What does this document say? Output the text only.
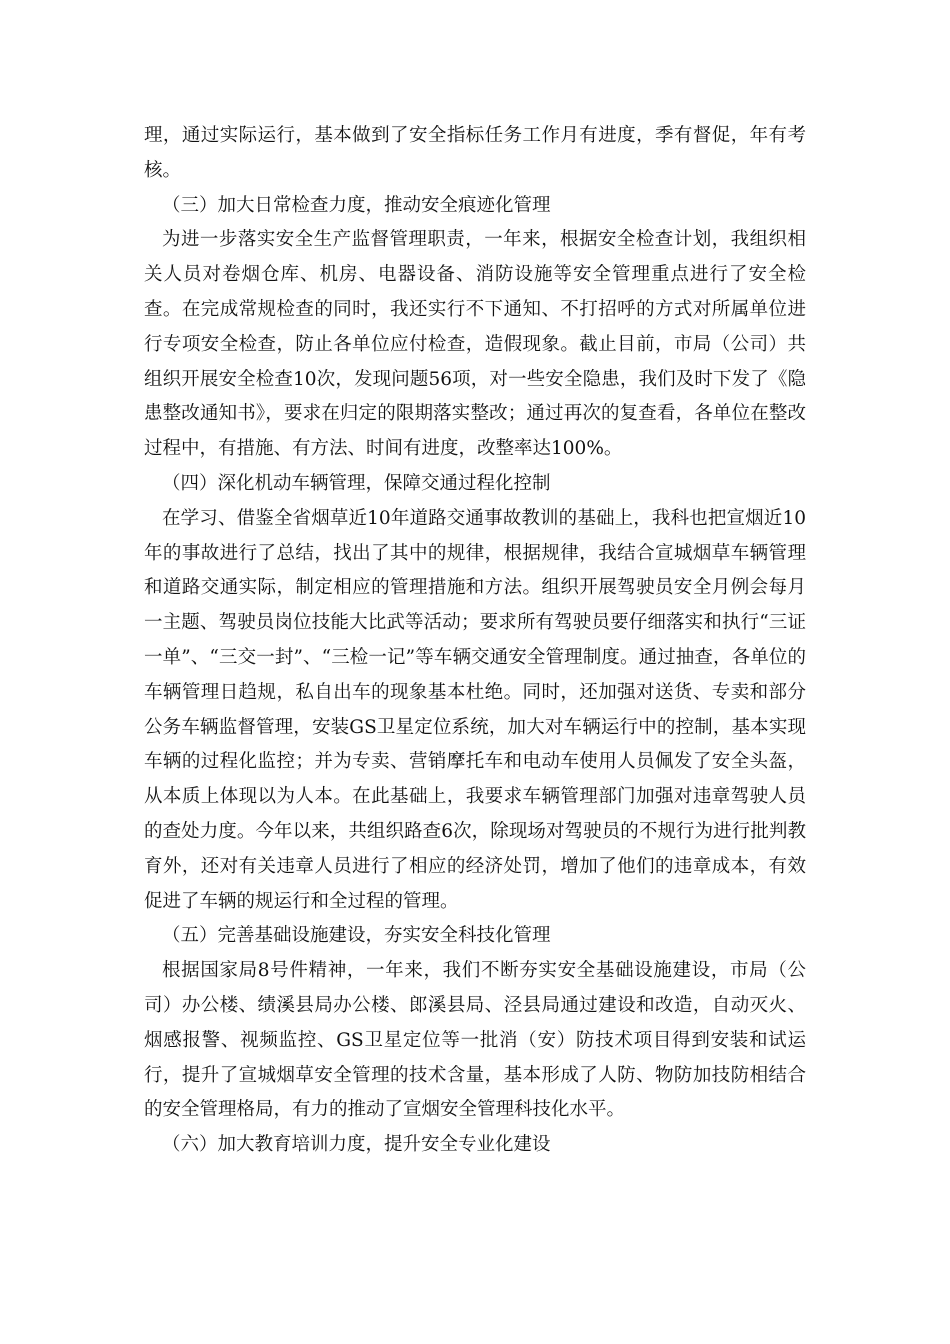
理，通过实际运行，基本做到了安全指标任务工作月有进度，季有督促，年有考核。

（三）加大日常检查力度，推动安全痕迹化管理

为进一步落实安全生产监督管理职责，一年来，根据安全检查计划，我组织相关人员对卷烟仓库、机房、电器设备、消防设施等安全管理重点进行了安全检查。在完成常规检查的同时，我还实行不下通知、不打招呼的方式对所属单位进行专项安全检查，防止各单位应付检查，造假现象。截止目前，市局（公司）共组织开展安全检查10次，发现问题56项，对一些安全隐患，我们及时下发了《隐患整改通知书》，要求在归定的限期落实整改；通过再次的复查看，各单位在整改过程中，有措施、有方法、时间有进度，改整率达100%。

（四）深化机动车辆管理，保障交通过程化控制

在学习、借鉴全省烟草近10年道路交通事故教训的基础上，我科也把宣烟近10年的事故进行了总结，找出了其中的规律，根据规律，我结合宣城烟草车辆管理和道路交通实际，制定相应的管理措施和方法。组织开展驾驶员安全月例会每月一主题、驾驶员岗位技能大比武等活动；要求所有驾驶员要仔细落实和执行“三证一单”、“三交一封”、“三检一记”等车辆交通安全管理制度。通过抽查，各单位的车辆管理日趋规，私自出车的现象基本杜绝。同时，还加强对送货、专卖和部分公务车辆监督管理，安装GS卫星定位系统，加大对车辆运行中的控制，基本实现车辆的过程化监控；并为专卖、营销摩托车和电动车使用人员佩发了安全头盔，从本质上体现以为人本。在此基础上，我要求车辆管理部门加强对违章驾驶人员的查处力度。今年以来，共组织路查6次，除现场对驾驶员的不规行为进行批判教育外，还对有关违章人员进行了相应的经济处罚，增加了他们的违章成本，有效促进了车辆的规运行和全过程的管理。

（五）完善基础设施建设，夯实安全科技化管理

根据国家局8号件精神，一年来，我们不断夯实安全基础设施建设，市局（公司）办公楼、绩溪县局办公楼、郎溪县局、泾县局通过建设和改造，自动灭火、烟感报警、视频监控、GS卫星定位等一批消（安）防技术项目得到安装和试运行，提升了宣城烟草安全管理的技术含量，基本形成了人防、物防加技防相结合的安全管理格局，有力的推动了宣烟安全管理科技化水平。

（六）加大教育培训力度，提升安全专业化建设
